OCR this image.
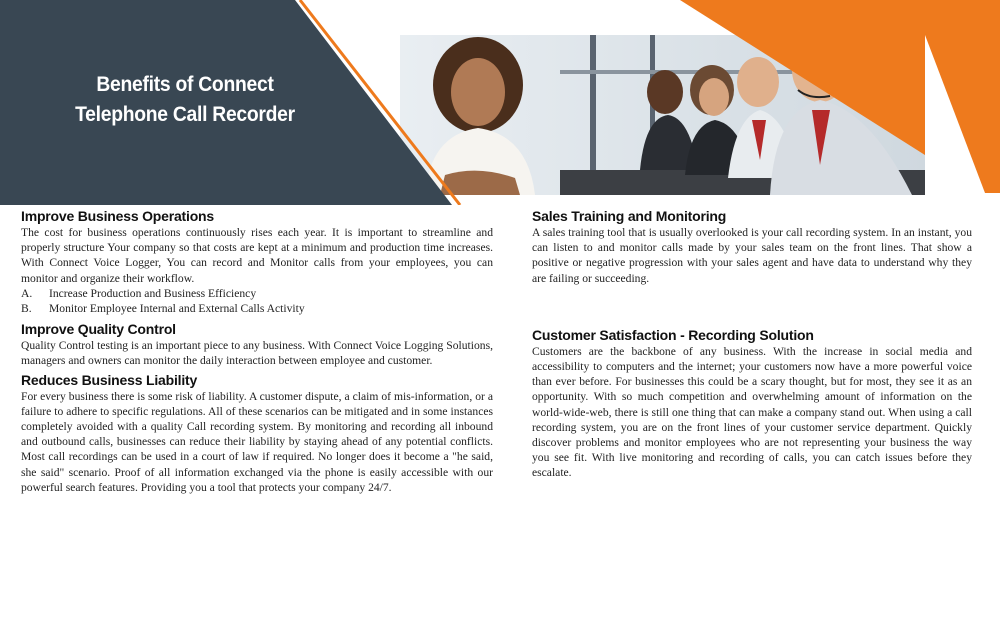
Benefits of Connect
Telephone Call Recorder
Improve Business Operations

The cost for business operations continuously rises each year. It is important to streamline and properly structure Your company so that costs are kept at a minimum and production time increases. With Connect Voice Logger, You can record and Monitor calls from your employees, you can monitor and organize their workflow.

A.	Increase Production and Business Efficiency
B.	Monitor Employee Internal and External Calls Activity
Improve Quality Control

Quality Control testing is an important piece to any business. With Connect Voice Logging Solutions, managers and owners can monitor the daily interaction between employee and customer.

Reduces Business Liability

For every business there is some risk of liability. A customer dispute, a claim of mis-information, or a failure to adhere to specific regulations. All of these scenarios can be mitigated and in some instances completely avoided with a quality Call recording system. By monitoring and recording all inbound and outbound calls, businesses can reduce their liability by staying ahead of any potential conflicts. Most call recordings can be used in a court of law if required. No longer does it become a "he said, she said" scenario. Proof of all information exchanged via the phone is easily accessible with our powerful search features. Providing you a tool that protects your company 24/7.

Sales Training and Monitoring

A sales training tool that is usually overlooked is your call recording system. In an instant, you can listen to and monitor calls made by your sales team on the front lines. That show a positive or negative progression with your sales agent and have data to understand why they are failing or succeeding.

Customer Satisfaction - Recording Solution

Customers are the backbone of any business. With the increase in social media and accessibility to computers and the internet; your customers now have a more powerful voice than ever before. For businesses this could be a scary thought, but for most, they see it as an opportunity. With so much competition and overwhelming amount of information on the world-wide-web, there is still one thing that can make a company stand out. When using a call recording system, you are on the front lines of your customer service department. Quickly discover problems and monitor employees who are not representing your business the way you see fit. With live monitoring and recording of calls, you can catch issues before they escalate.
